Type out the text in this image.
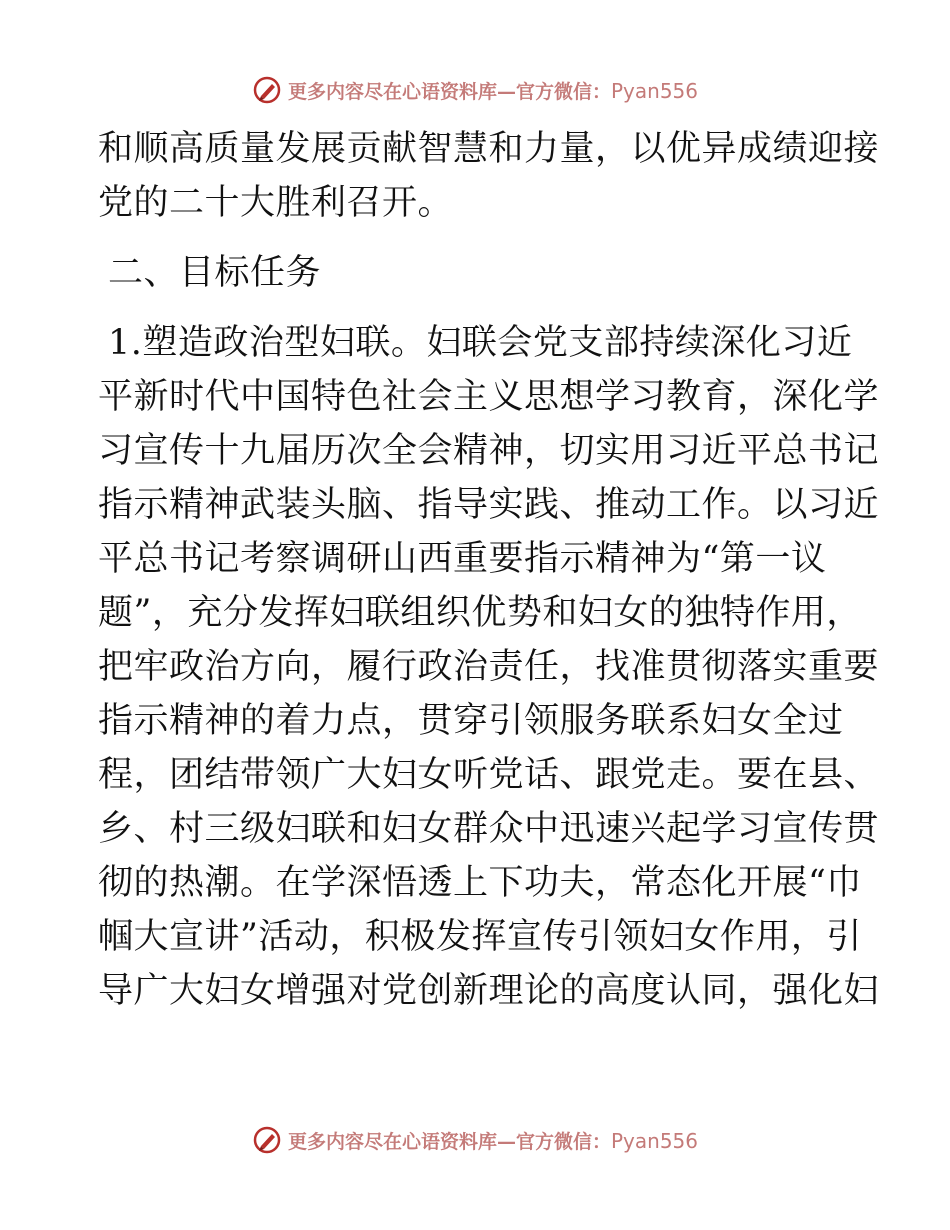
更多内容尽在心语资料库—官方微信：Pyan556
和顺高质量发展贡献智慧和力量，以优异成绩迎接
党的二十大胜利召开。
二、目标任务
1.塑造政治型妇联。妇联会党支部持续深化习近
平新时代中国特色社会主义思想学习教育，深化学
习宣传十九届历次全会精神，切实用习近平总书记
指示精神武装头脑、指导实践、推动工作。以习近
平总书记考察调研山西重要指示精神为“第一议
题”，充分发挥妇联组织优势和妇女的独特作用，
把牢政治方向，履行政治责任，找准贯彻落实重要
指示精神的着力点，贯穿引领服务联系妇女全过
程，团结带领广大妇女听党话、跟党走。要在县、
乡、村三级妇联和妇女群众中迅速兴起学习宣传贯
彻的热潮。在学深悟透上下功夫，常态化开展“巾
帼大宣讲”活动，积极发挥宣传引领妇女作用，引
导广大妇女增强对党创新理论的高度认同，强化妇
更多内容尽在心语资料库—官方微信：Pyan556
